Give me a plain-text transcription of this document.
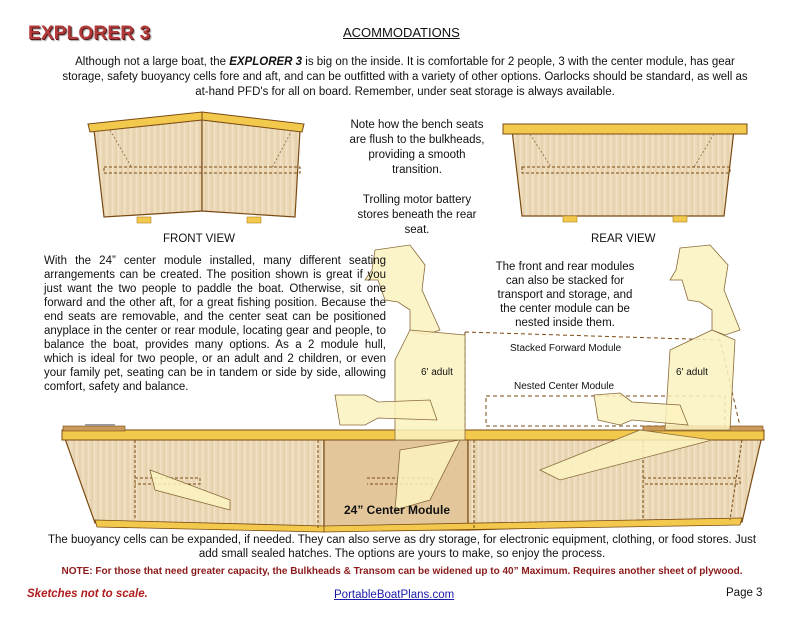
EXPLORER 3	ACOMMODATIONS
Although not a large boat, the EXPLORER 3 is big on the inside. It is comfortable for 2 people, 3 with the center module, has gear storage, safety buoyancy cells fore and aft, and can be outfitted with a variety of other options. Oarlocks should be standard, as well as at-hand PFD's for all on board. Remember, under seat storage is always available.
Note how the bench seats are flush to the bulkheads, providing a smooth transition.
Trolling motor battery stores beneath the rear seat.
FRONT VIEW	REAR VIEW
With the 24” center module installed, many different seating arrangements can be created. The position shown is great if you just want the two people to paddle the boat. Otherwise, sit one forward and the other aft, for a great fishing position. Because the end seats are removable, and the center seat can be positioned anyplace in the center or rear module, locating gear and people, to balance the boat, provides many options. As a 2 module hull, which is ideal for two people, or an adult and 2 children, or even your family pet, seating can be in tandem or side by side, allowing comfort, safety and balance.
The front and rear modules can also be stacked for transport and storage, and the center module can be nested inside them.
Stacked Forward Module
Nested Center Module
6' adult	6' adult
24” Center Module
The buoyancy cells can be expanded, if needed. They can also serve as dry storage, for electronic equipment, clothing, or food stores. Just add small sealed hatches. The options are yours to make, so enjoy the process.
NOTE: For those that need greater capacity, the Bulkheads & Transom can be widened up to 40” Maximum. Requires another sheet of plywood.
Sketches not to scale.	PortableBoatPlans.com	Page 3
